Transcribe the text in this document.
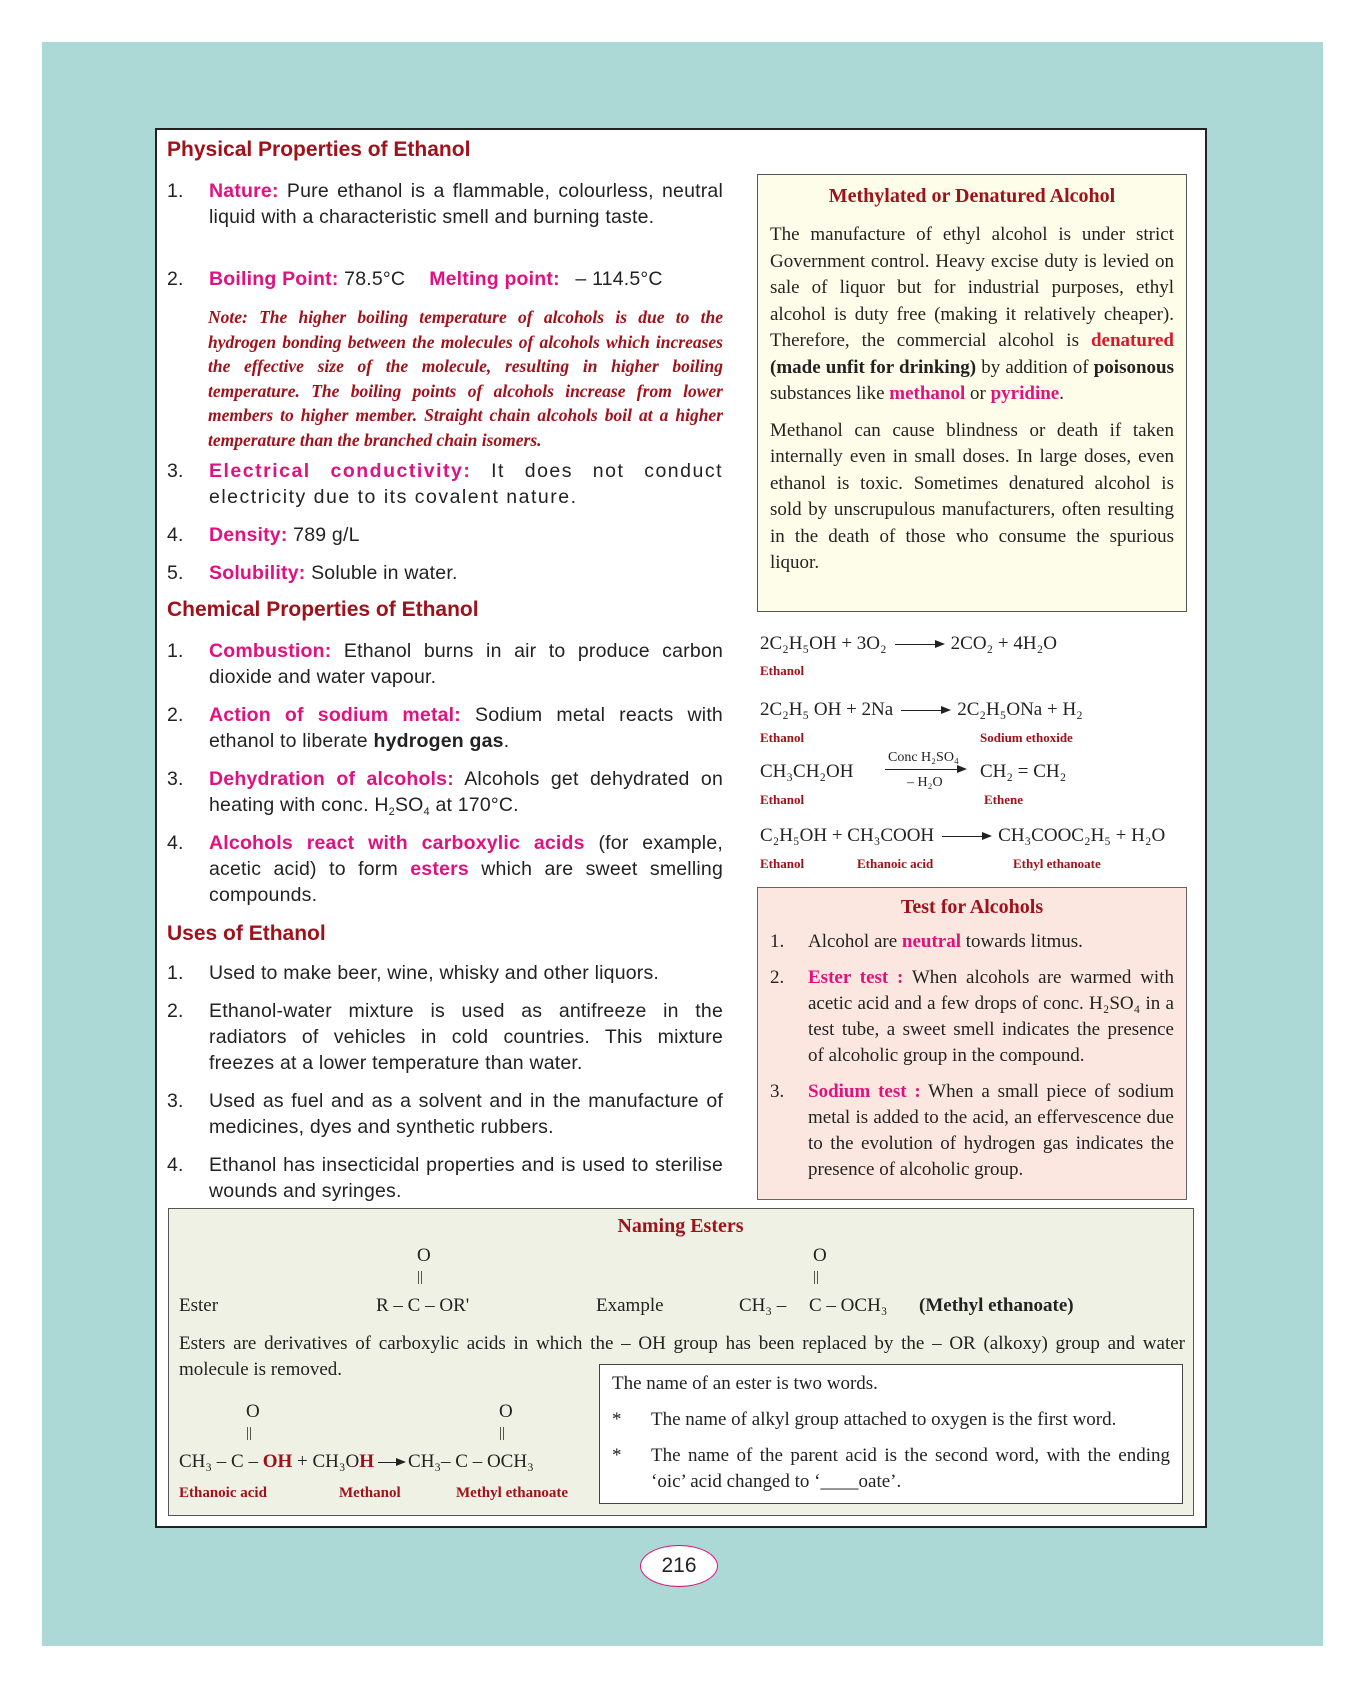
Physical Properties of Ethanol
1. Nature: Pure ethanol is a flammable, colourless, neutral liquid with a characteristic smell and burning taste.
2. Boiling Point: 78.5°C Melting point: – 114.5°C
Note: The higher boiling temperature of alcohols is due to the hydrogen bonding between the molecules of alcohols which increases the effective size of the molecule, resulting in higher boiling temperature. The boiling points of alcohols increase from lower members to higher member. Straight chain alcohols boil at a higher temperature than the branched chain isomers.
3. Electrical conductivity: It does not conduct electricity due to its covalent nature.
4. Density: 789 g/L
5. Solubility: Soluble in water.
Chemical Properties of Ethanol
1. Combustion: Ethanol burns in air to produce carbon dioxide and water vapour.
2. Action of sodium metal: Sodium metal reacts with ethanol to liberate hydrogen gas.
3. Dehydration of alcohols: Alcohols get dehydrated on heating with conc. $H_2SO_4$ at 170°C.
4. Alcohols react with carboxylic acids (for example, acetic acid) to form esters which are sweet smelling compounds.
Uses of Ethanol
1. Used to make beer, wine, whisky and other liquors.
2. Ethanol-water mixture is used as antifreeze in the radiators of vehicles in cold countries. This mixture freezes at a lower temperature than water.
3. Used as fuel and as a solvent and in the manufacture of medicines, dyes and synthetic rubbers.
4. Ethanol has insecticidal properties and is used to sterilise wounds and syringes.
Methylated or Denatured Alcohol

The manufacture of ethyl alcohol is under strict Government control. Heavy excise duty is levied on sale of liquor but for industrial purposes, ethyl alcohol is duty free (making it relatively cheaper). Therefore, the commercial alcohol is denatured (made unfit for drinking) by addition of poisonous substances like methanol or pyridine.

Methanol can cause blindness or death if taken internally even in small doses. In large doses, even ethanol is toxic. Sometimes denatured alcohol is sold by unscrupulous manufacturers, often resulting in the death of those who consume the spurious liquor.

2C₂H₅OH + 3O₂	2CO₂ + 4H₂O
Ethanol
2C₂H₅ OH + 2Na	2C₂H₅ONa + H₂
Ethanol	Sodium ethoxide
CH₃CH₂OH
Ethanol
Conc H₂SO₄
– H₂O
CH₂ = CH₂
Ethene
C₂H₅OH + CH₃COOH	CH₃COOC₂H₅ + H₂O
Ethanol	Ethanoic acid	Ethyl ethanoate
Test for Alcohols
1. Alcohol are neutral towards litmus.
2. Ester test : When alcohols are warmed with acetic acid and a few drops of conc. H₂SO₄ in a test tube, a sweet smell indicates the presence of alcoholic group in the compound.
3. Sodium test : When a small piece of sodium metal is added to the acid, an effervescence due to the evolution of hydrogen gas indicates the presence of alcoholic group.
Naming Esters
O
||
Ester	R – C – OR'
O
||
Example	CH₃ – C – OCH₃ (Methyl ethanoate)
Esters are derivatives of carboxylic acids in which the – OH group has been replaced by the – OR (alkoxy) group and water molecule is removed.
O
||
O
||
CH₃ – C – OH + CH₃OH CH₃– C – OCH₃
Ethanoic acid	Methanol	Methyl ethanoate
The name of an ester is two words.
*	The name of alkyl group attached to oxygen is the first word.
*	The name of the parent acid is the second word, with the ending ‘oic’ acid changed to ‘____oate’.
216
